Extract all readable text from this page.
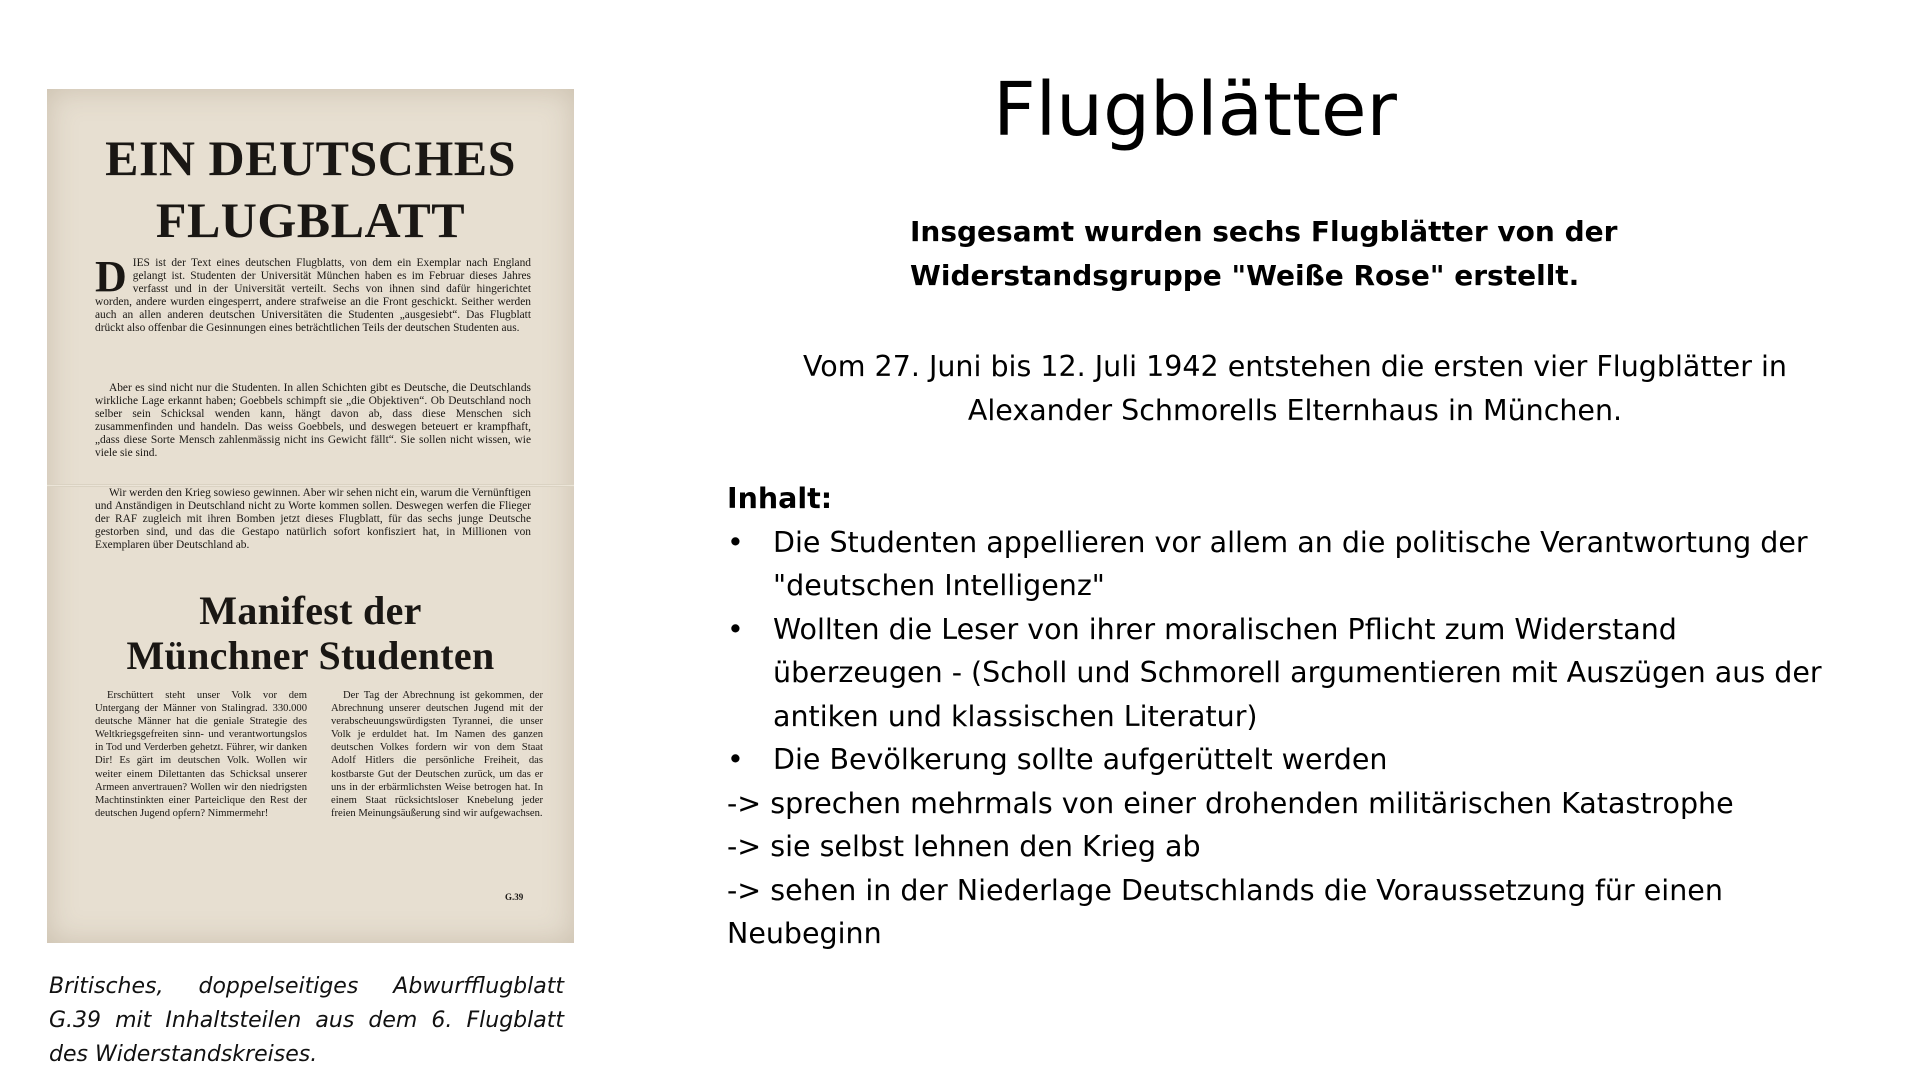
EIN DEUTSCHES
FLUGBLATT

DIES ist der Text eines deutschen Flugblatts, von dem ein Exemplar nach England gelangt ist. Studenten der Universität München haben es im Februar dieses Jahres verfasst und in der Universität verteilt. Sechs von ihnen sind dafür hingerichtet worden, andere wurden eingesperrt, andere strafweise an die Front geschickt. Seither werden auch an allen anderen deutschen Universitäten die Studenten „ausgesiebt“. Das Flugblatt drückt also offenbar die Gesinnungen eines beträchtlichen Teils der deutschen Studenten aus.

Aber es sind nicht nur die Studenten. In allen Schichten gibt es Deutsche, die Deutschlands wirkliche Lage erkannt haben; Goebbels schimpft sie „die Objektiven“. Ob Deutschland noch selber sein Schicksal wenden kann, hängt davon ab, dass diese Menschen sich zusammenfinden und handeln. Das weiss Goebbels, und deswegen beteuert er krampfhaft, „dass diese Sorte Mensch zahlenmässig nicht ins Gewicht fällt“. Sie sollen nicht wissen, wie viele sie sind.

Wir werden den Krieg sowieso gewinnen. Aber wir sehen nicht ein, warum die Vernünftigen und Anständigen in Deutschland nicht zu Worte kommen sollen. Deswegen werfen die Flieger der RAF zugleich mit ihren Bomben jetzt dieses Flugblatt, für das sechs junge Deutsche gestorben sind, und das die Gestapo natürlich sofort konfisziert hat, in Millionen von Exemplaren über Deutschland ab.

Manifest der
Münchner Studenten

Erschüttert steht unser Volk vor dem Untergang der Männer von Stalingrad. 330.000 deutsche Männer hat die geniale Strategie des Weltkriegsgefreiten sinn- und verantwortungslos in Tod und Verderben gehetzt. Führer, wir danken Dir! Es gärt im deutschen Volk. Wollen wir weiter einem Dilettanten das Schicksal unserer Armeen anvertrauen? Wollen wir den niedrigsten Machtinstinkten einer Parteiclique den Rest der deutschen Jugend opfern? Nimmermehr!

Der Tag der Abrechnung ist gekommen, der Abrechnung unserer deutschen Jugend mit der verabscheuungswürdigsten Tyrannei, die unser Volk je erduldet hat. Im Namen des ganzen deutschen Volkes fordern wir von dem Staat Adolf Hitlers die persönliche Freiheit, das kostbarste Gut der Deutschen zurück, um das er uns in der erbärmlichsten Weise betrogen hat. In einem Staat rücksichtsloser Knebelung jeder freien Meinungsäußerung sind wir aufgewachsen.

G.39

Britisches, doppelseitiges Abwurfflugblatt G.39 mit Inhaltsteilen aus dem 6. Flugblatt des Widerstandskreises.

Flugblätter

Insgesamt wurden sechs Flugblätter von der
Widerstandsgruppe "Weiße Rose" erstellt.

Vom 27. Juni bis 12. Juli 1942 entstehen die ersten vier Flugblätter in
Alexander Schmorells Elternhaus in München.

Inhalt:

• Die Studenten appellieren vor allem an die politische Verantwortung der
"deutschen Intelligenz"
• Wollten die Leser von ihrer moralischen Pflicht zum Widerstand
überzeugen - (Scholl und Schmorell argumentieren mit Auszügen aus der
antiken und klassischen Literatur)
• Die Bevölkerung sollte aufgerüttelt werden
-> sprechen mehrmals von einer drohenden militärischen Katastrophe
-> sie selbst lehnen den Krieg ab
-> sehen in der Niederlage Deutschlands die Voraussetzung für einen
Neubeginn
